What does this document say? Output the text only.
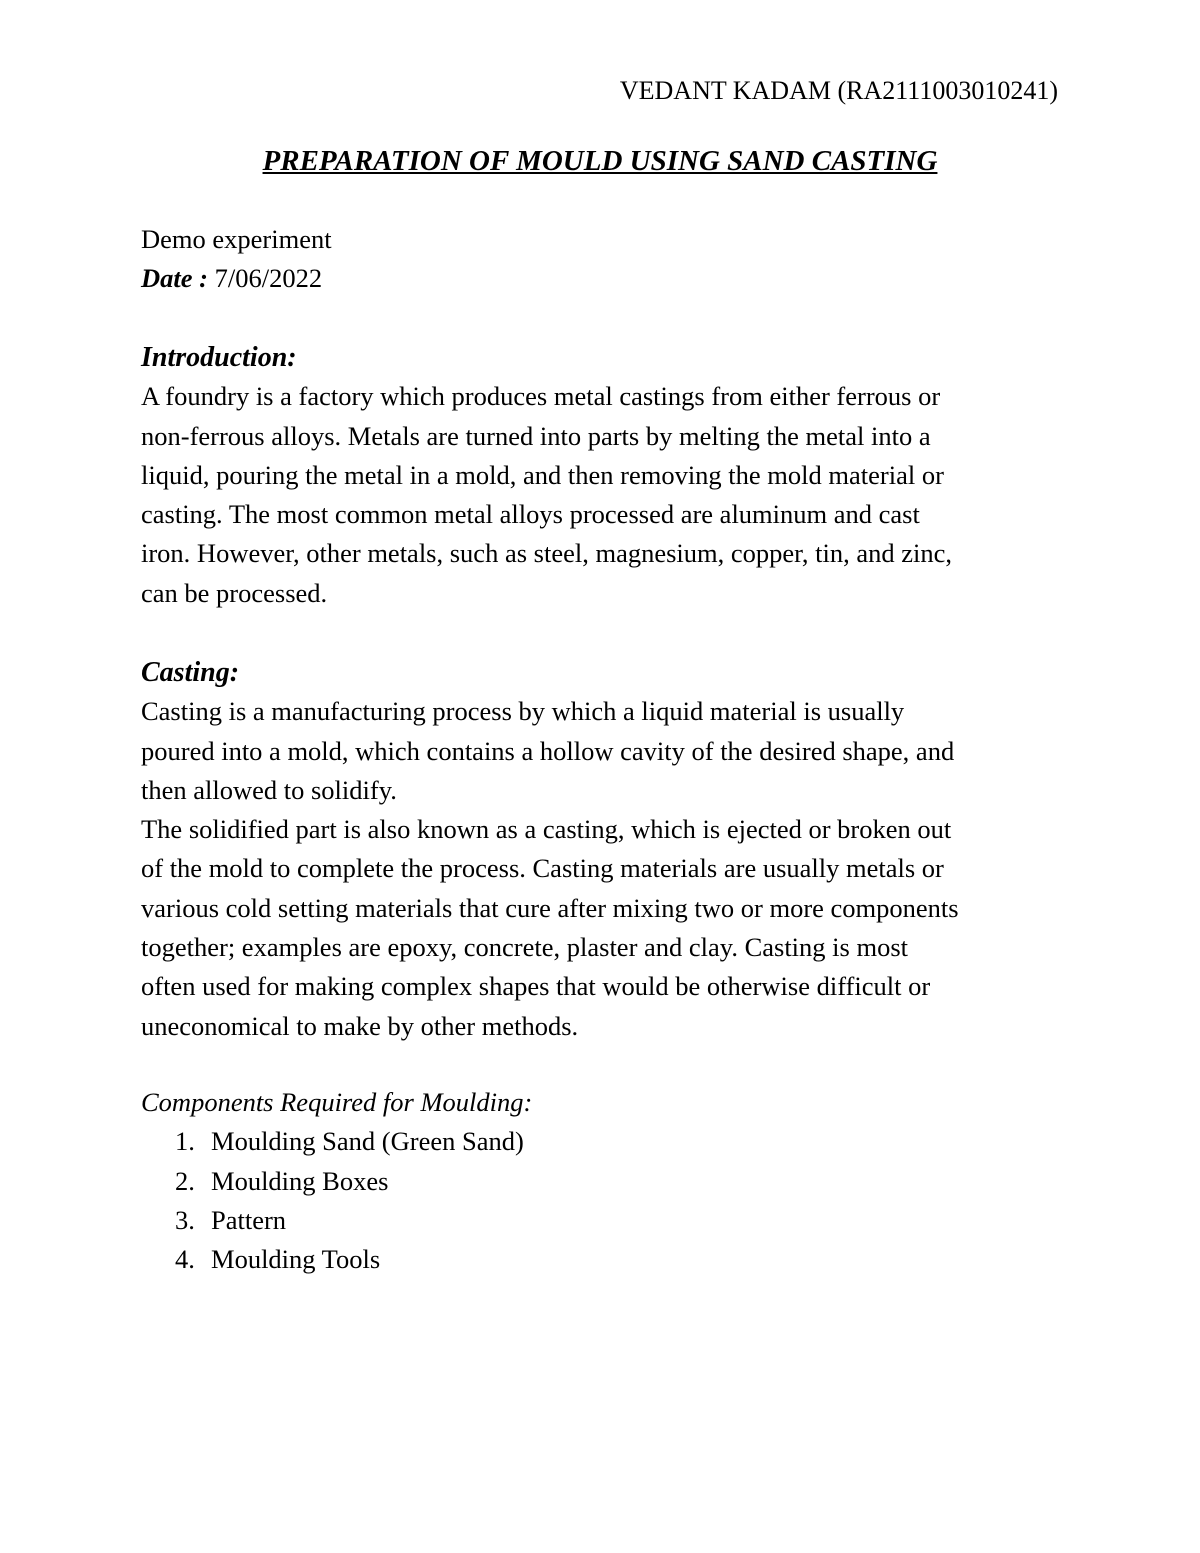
VEDANT KADAM (RA2111003010241)
PREPARATION OF MOULD USING SAND CASTING
Demo experiment
Date : 7/06/2022
Introduction:
A foundry is a factory which produces metal castings from either ferrous or
non-ferrous alloys. Metals are turned into parts by melting the metal into a
liquid, pouring the metal in a mold, and then removing the mold material or
casting. The most common metal alloys processed are aluminum and cast
iron. However, other metals, such as steel, magnesium, copper, tin, and zinc,
can be processed.
Casting:
Casting is a manufacturing process by which a liquid material is usually
poured into a mold, which contains a hollow cavity of the desired shape, and
then allowed to solidify.
The solidified part is also known as a casting, which is ejected or broken out
of the mold to complete the process. Casting materials are usually metals or
various cold setting materials that cure after mixing two or more components
together; examples are epoxy, concrete, plaster and clay. Casting is most
often used for making complex shapes that would be otherwise difficult or
uneconomical to make by other methods.
Components Required for Moulding:
1. Moulding Sand (Green Sand)
2. Moulding Boxes
3. Pattern
4. Moulding Tools
